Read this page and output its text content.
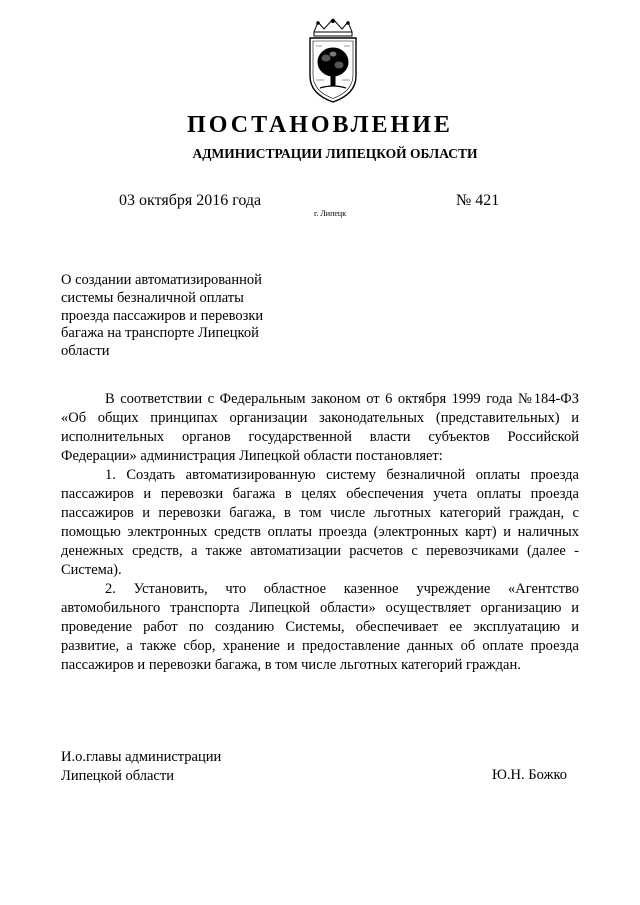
ПОСТАНОВЛЕНИЕ
АДМИНИСТРАЦИИ ЛИПЕЦКОЙ ОБЛАСТИ
03 октября 2016 года
г. Липецк
№ 421
О создании автоматизированной
системы безналичной оплаты
проезда пассажиров и перевозки
багажа на транспорте Липецкой
области

В соответствии с Федеральным законом от 6 октября 1999 года №184-ФЗ «Об общих принципах организации законодательных (представительных) и исполнительных органов государственной власти субъектов Российской Федерации» администрация Липецкой области постановляет:

1. Создать автоматизированную систему безналичной оплаты проезда пассажиров и перевозки багажа в целях обеспечения учета оплаты проезда пассажиров и перевозки багажа, в том числе льготных категорий граждан, с помощью электронных средств оплаты проезда (электронных карт) и наличных денежных средств, а также автоматизации расчетов с перевозчиками (далее - Система).

2. Установить, что областное казенное учреждение «Агентство автомобильного транспорта Липецкой области» осуществляет организацию и проведение работ по созданию Системы, обеспечивает ее эксплуатацию и развитие, а также сбор, хранение и предоставление данных об оплате проезда пассажиров и перевозки багажа, в том числе льготных категорий граждан.

И.о.главы администрации
Липецкой области	Ю.Н. Божко
